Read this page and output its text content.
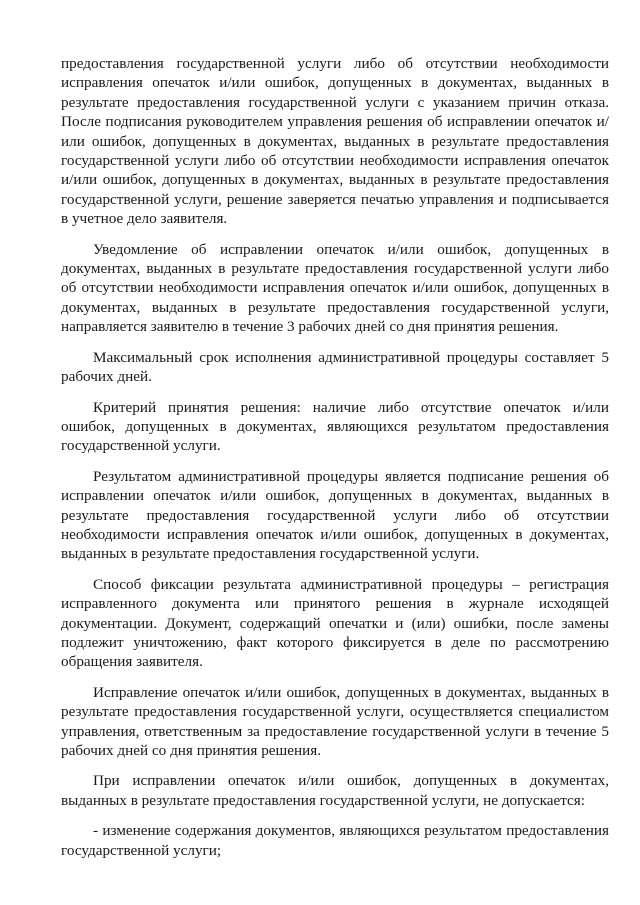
предоставления государственной услуги либо об отсутствии необходимости исправления опечаток и/или ошибок, допущенных в документах, выданных в результате предоставления государственной услуги с указанием причин отказа. После подписания руководителем управления решения об исправлении опечаток и/или ошибок, допущенных в документах, выданных в результате предоставления государственной услуги либо об отсутствии необходимости исправления опечаток и/или ошибок, допущенных в документах, выданных в результате предоставления государственной услуги, решение заверяется печатью управления и подписывается в учетное дело заявителя.

Уведомление об исправлении опечаток и/или ошибок, допущенных в документах, выданных в результате предоставления государственной услуги либо об отсутствии необходимости исправления опечаток и/или ошибок, допущенных в документах, выданных в результате предоставления государственной услуги, направляется заявителю в течение 3 рабочих дней со дня принятия решения.

Максимальный срок исполнения административной процедуры составляет 5 рабочих дней.

Критерий принятия решения: наличие либо отсутствие опечаток и/или ошибок, допущенных в документах, являющихся результатом предоставления государственной услуги.

Результатом административной процедуры является подписание решения об исправлении опечаток и/или ошибок, допущенных в документах, выданных в результате предоставления государственной услуги либо об отсутствии необходимости исправления опечаток и/или ошибок, допущенных в документах, выданных в результате предоставления государственной услуги.

Способ фиксации результата административной процедуры – регистрация исправленного документа или принятого решения в журнале исходящей документации. Документ, содержащий опечатки и (или) ошибки, после замены подлежит уничтожению, факт которого фиксируется в деле по рассмотрению обращения заявителя.

Исправление опечаток и/или ошибок, допущенных в документах, выданных в результате предоставления государственной услуги, осуществляется специалистом управления, ответственным за предоставление государственной услуги в течение 5 рабочих дней со дня принятия решения.

При исправлении опечаток и/или ошибок, допущенных в документах, выданных в результате предоставления государственной услуги, не допускается:

- изменение содержания документов, являющихся результатом предоставления государственной услуги;
